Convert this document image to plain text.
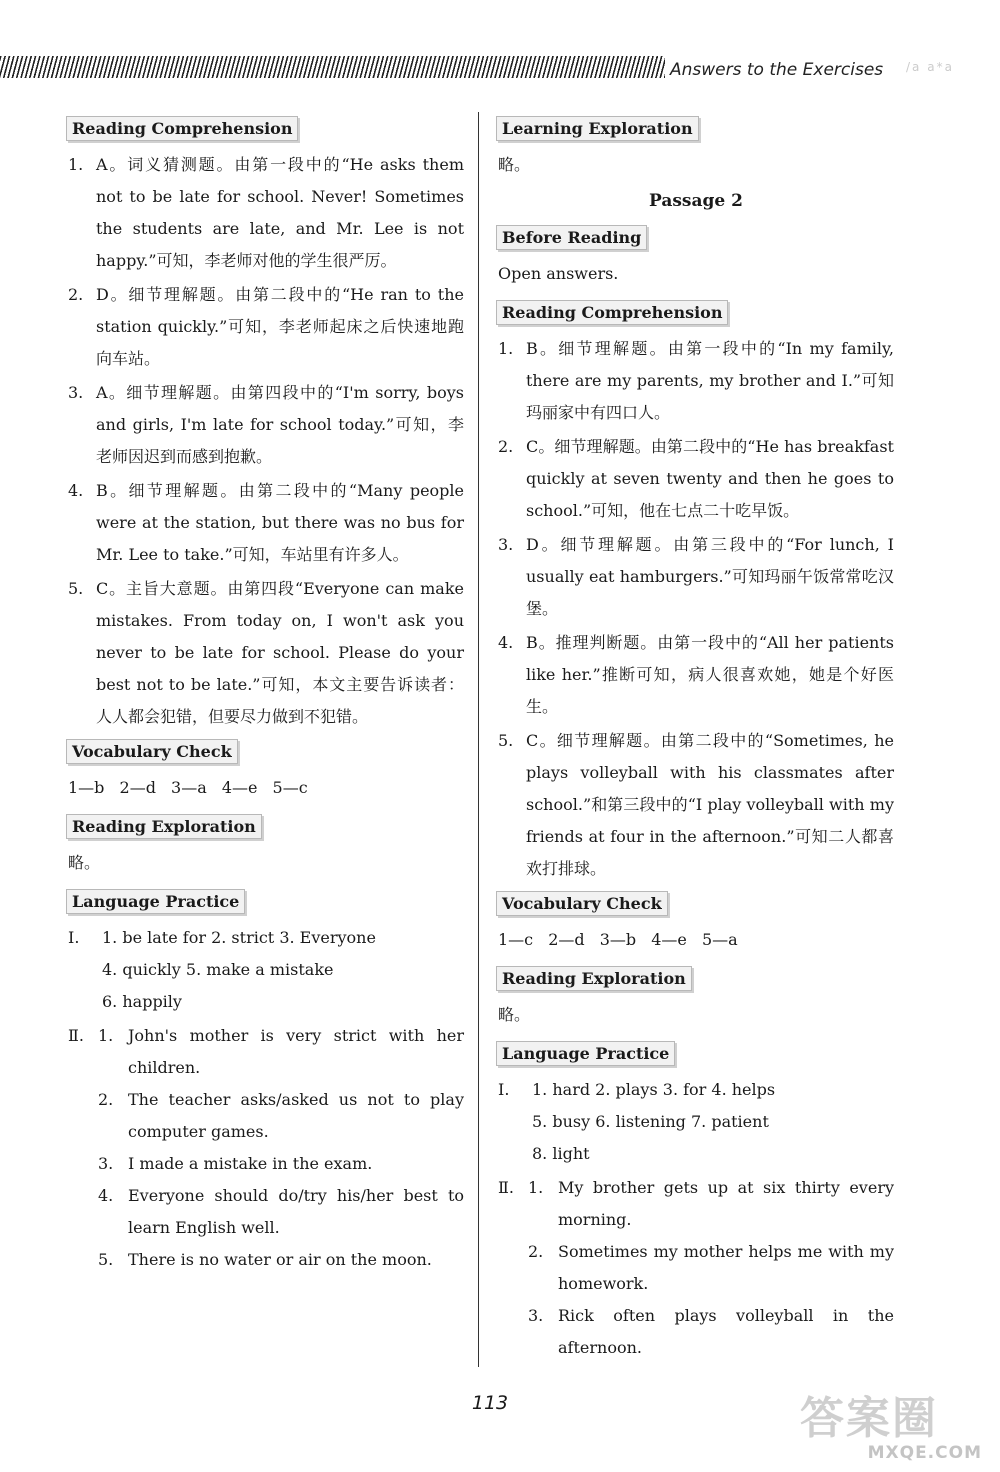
Answers to the Exercises /a a*a
Reading Comprehension
1. A。词义猜测题。由第一段中的“He asks them not to be late for school. Never! Sometimes the students are late, and Mr. Lee is not happy.”可知，李老师对他的学生很严厉。
2. D。细节理解题。由第二段中的“He ran to the station quickly.”可知，李老师起床之后快速地跑向车站。
3. A。细节理解题。由第四段中的“I'm sorry, boys and girls, I'm late for school today.”可知，李老师因迟到而感到抱歉。
4. B。细节理解题。由第二段中的“Many people were at the station, but there was no bus for Mr. Lee to take.”可知，车站里有许多人。
5. C。主旨大意题。由第四段“Everyone can make mistakes. From today on, I won't ask you never to be late for school. Please do your best not to be late.”可知，本文主要告诉读者：人人都会犯错，但要尽力做到不犯错。
Vocabulary Check
1—b 2—d 3—a 4—e 5—c
Reading Exploration
略。
Language Practice
Ⅰ. 1. be late for 2. strict 3. Everyone
4. quickly 5. make a mistake
6. happily
Ⅱ. 1. John's mother is very strict with her children.
2. The teacher asks/asked us not to play computer games.
3. I made a mistake in the exam.
4. Everyone should do/try his/her best to learn English well.
5. There is no water or air on the moon.
Learning Exploration
略。
Passage 2
Before Reading
Open answers.
Reading Comprehension
1. B。细节理解题。由第一段中的“In my family, there are my parents, my brother and I.”可知玛丽家中有四口人。
2. C。细节理解题。由第二段中的“He has breakfast quickly at seven twenty and then he goes to school.”可知，他在七点二十吃早饭。
3. D。细节理解题。由第三段中的“For lunch, I usually eat hamburgers.”可知玛丽午饭常常吃汉堡。
4. B。推理判断题。由第一段中的“All her patients like her.”推断可知，病人很喜欢她，她是个好医生。
5. C。细节理解题。由第二段中的“Sometimes, he plays volleyball with his classmates after school.”和第三段中的“I play volleyball with my friends at four in the afternoon.”可知二人都喜欢打排球。
Vocabulary Check
1—c 2—d 3—b 4—e 5—a
Reading Exploration
略。
Language Practice
Ⅰ. 1. hard 2. plays 3. for 4. helps
5. busy 6. listening 7. patient
8. light
Ⅱ. 1. My brother gets up at six thirty every morning.
2. Sometimes my mother helps me with my homework.
3. Rick often plays volleyball in the afternoon.
113	答案圈
MXQE.COM
